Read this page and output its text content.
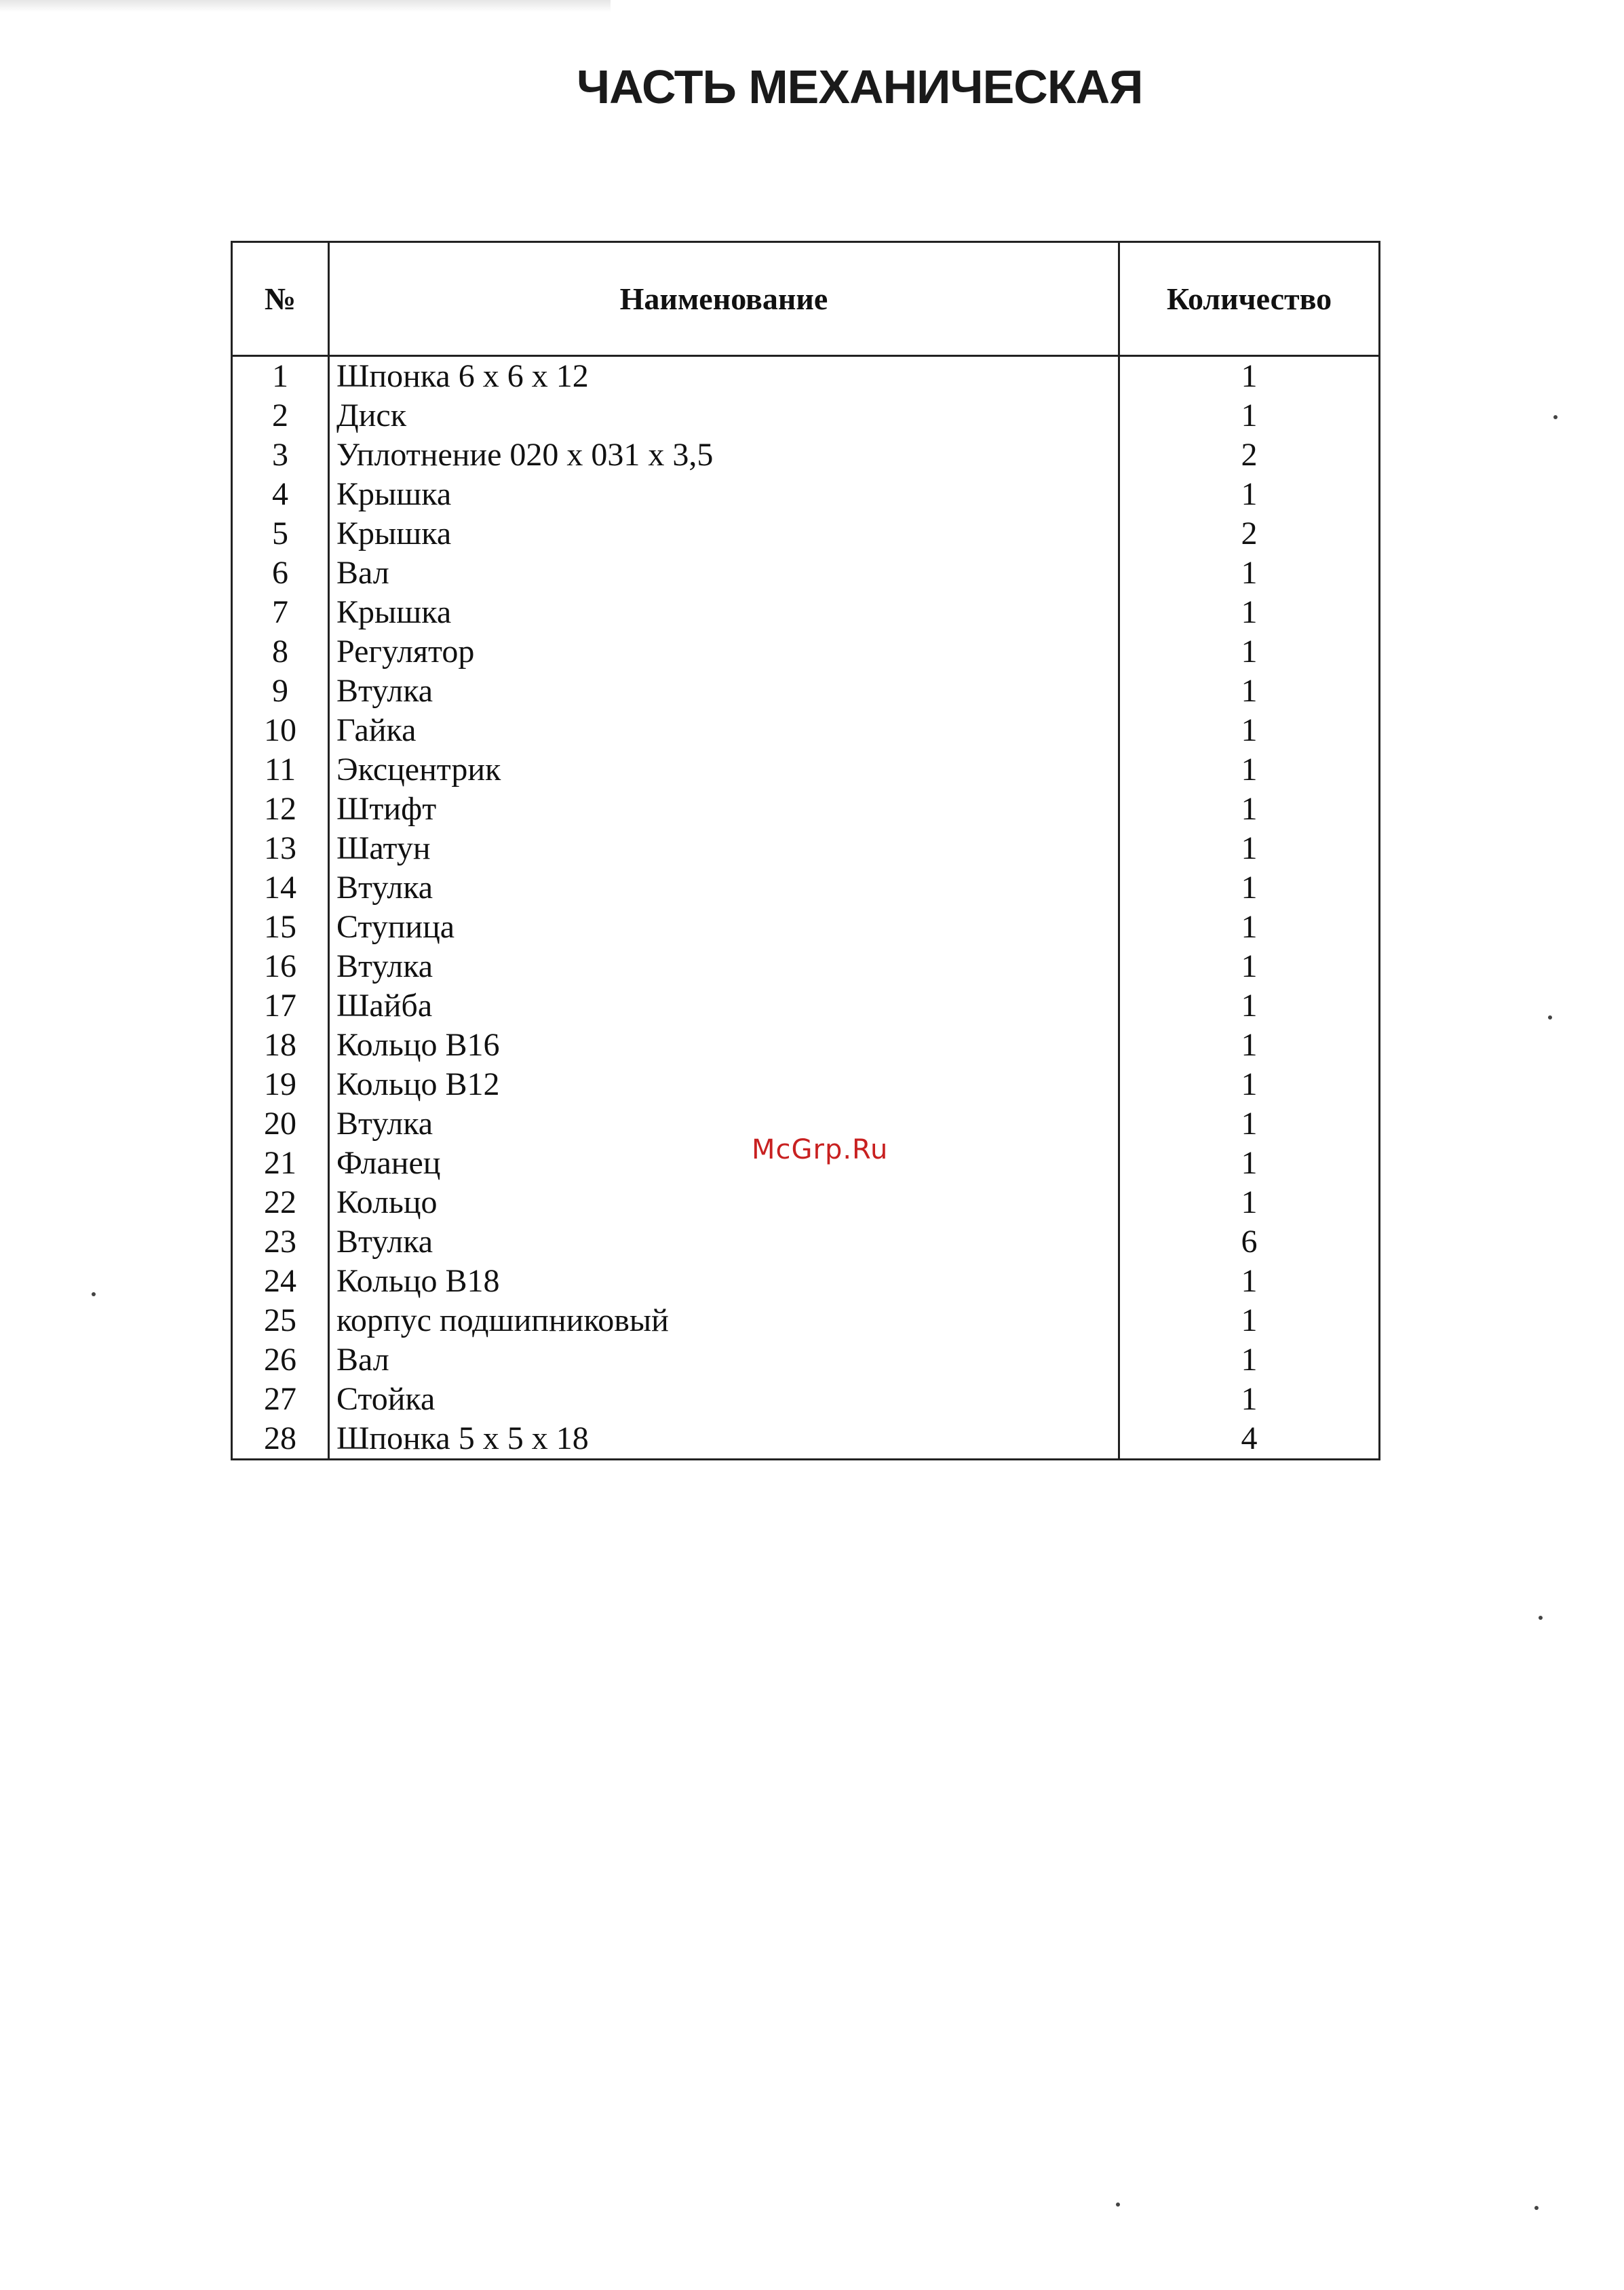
ЧАСТЬ МЕХАНИЧЕСКАЯ
№	Наименование	Количество
1	Шпонка 6 х 6 х 12	1
2	Диск	1
3	Уплотнение 020 х 031 х 3,5	2
4	Крышка	1
5	Крышка	2
6	Вал	1
7	Крышка	1
8	Регулятор	1
9	Втулка	1
10	Гайка	1
11	Эксцентрик	1
12	Штифт	1
13	Шатун	1
14	Втулка	1
15	Ступица	1
16	Втулка	1
17	Шайба	1
18	Кольцо В16	1
19	Кольцо В12	1
20	Втулка	1
21	Фланец	1
22	Кольцо	1
23	Втулка	6
24	Кольцо В18	1
25	корпус подшипниковый	1
26	Вал	1
27	Стойка	1
28	Шпонка 5 х 5 х 18	4
McGrp.Ru
